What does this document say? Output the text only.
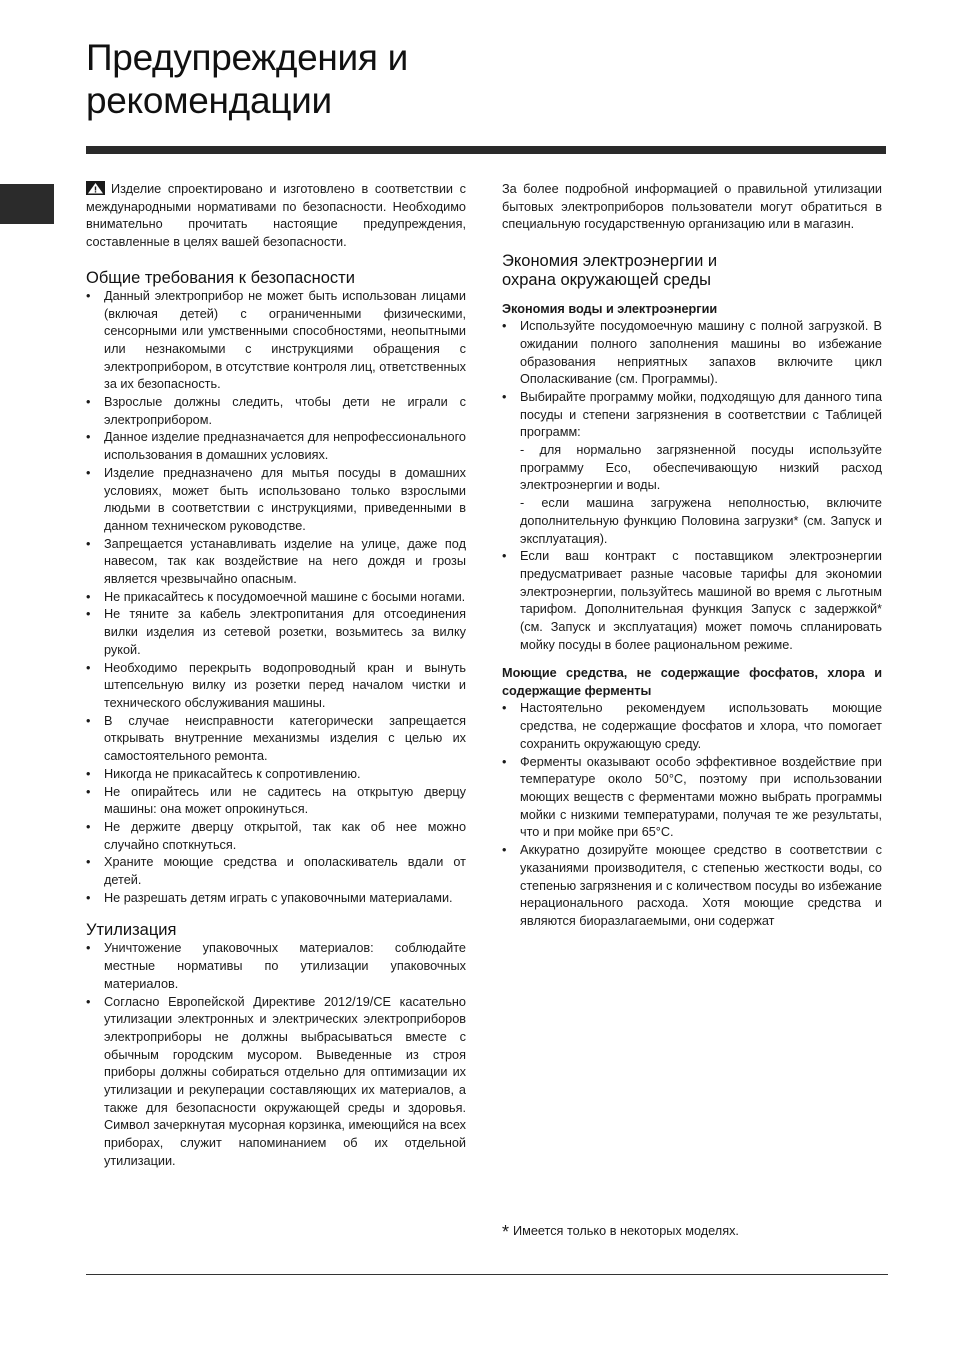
Предупреждения и
рекомендации

Изделие спроектировано и изготовлено в соответствии с международными нормативами по безопасности. Необходимо внимательно прочитать настоящие предупреждения, составленные в целях вашей безопасности.

Общие требования к безопасности
• Данный электроприбор не может быть использован лицами (включая детей) с ограниченными физическими, сенсорными или умственными способностями, неопытными или незнакомыми с инструкциями обращения с электроприбором, в отсутствие контроля лиц, ответственных за их безопасность.
• Взрослые должны следить, чтобы дети не играли с электроприбором.
• Данное изделие предназначается для непрофессионального использования в домашних условиях.
• Изделие предназначено для мытья посуды в домашних условиях, может быть использовано только взрослыми людьми в соответствии с инструкциями, приведенными в данном техническом руководстве.
• Запрещается устанавливать изделие на улице, даже под навесом, так как воздействие на него дождя и грозы является чрезвычайно опасным.
• Не прикасайтесь к посудомоечной машине с босыми ногами.
• Не тяните за кабель электропитания для отсоединения вилки изделия из сетевой розетки, возьмитесь за вилку рукой.
• Необходимо перекрыть водопроводный кран и вынуть штепсельную вилку из розетки перед началом чистки и технического обслуживания машины.
• В случае неисправности категорически запрещается открывать внутренние механизмы изделия с целью их самостоятельного ремонта.
• Никогда не прикасайтесь к сопротивлению.
• Не опирайтесь или не садитесь на открытую дверцу машины: она может опрокинуться.
• Не держите дверцу открытой, так как об нее можно случайно споткнуться.
• Храните моющие средства и ополаскиватель вдали от детей.
• Не разрешать детям играть с упаковочными материалами.
Утилизация
• Уничтожение упаковочных материалов: соблюдайте местные нормативы по утилизации упаковочных материалов.
• Согласно Европейской Директиве 2012/19/CE касательно утилизации электронных и электрических электроприборов электроприборы не должны выбрасываться вместе с обычным городским мусором. Выведенные из строя приборы должны собираться отдельно для оптимизации их утилизации и рекуперации составляющих их материалов, а также для безопасности окружающей среды и здоровья. Символ зачеркнутая мусорная корзинка, имеющийся на всех приборах, служит напоминанием об их отдельной утилизации.

За более подробной информацией о правильной утилизации бытовых электроприборов пользователи могут обратиться в специальную государственную организацию или в магазин.

Экономия электроэнергии и
охрана окружающей среды
Экономия воды и электроэнергии
• Используйте посудомоечную машину с полной загрузкой. В ожидании полного заполнения машины во избежание образования неприятных запахов включите цикл Ополаскивание (см. Программы).
• Выбирайте программу мойки, подходящую для данного типа посуды и степени загрязнения в соответствии с Таблицей программ:
- для нормально загрязненной посуды используйте программу Eco, обеспечивающую низкий расход электроэнергии и воды.
- если машина загружена неполностью, включите дополнительную функцию Половина загрузки* (см. Запуск и эксплуатация).
• Если ваш контракт с поставщиком электроэнергии предусматривает разные часовые тарифы для экономии электроэнергии, пользуйтесь машиной во время с льготным тарифом. Дополнительная функция Запуск с задержкой* (см. Запуск и эксплуатация) может помочь спланировать мойку посуды в более рациональном режиме.
Моющие средства, не содержащие фосфатов, хлора и содержащие ферменты
• Настоятельно рекомендуем использовать моющие средства, не содержащие фосфатов и хлора, что помогает сохранить окружающую среду.
• Ферменты оказывают особо эффективное воздействие при температуре около 50°С, поэтому при использовании моющих веществ с ферментами можно выбрать программы мойки с низкими температурами, получая те же результаты, что и при мойке при 65°С.
• Аккуратно дозируйте моющее средство в соответствии с указаниями производителя, с степенью жесткости воды, со степенью загрязнения и с количеством посуды во избежание нерационального расхода. Хотя моющие средства и являются биоразлагаемыми, они содержат
* Имеется только в некоторых моделях.
